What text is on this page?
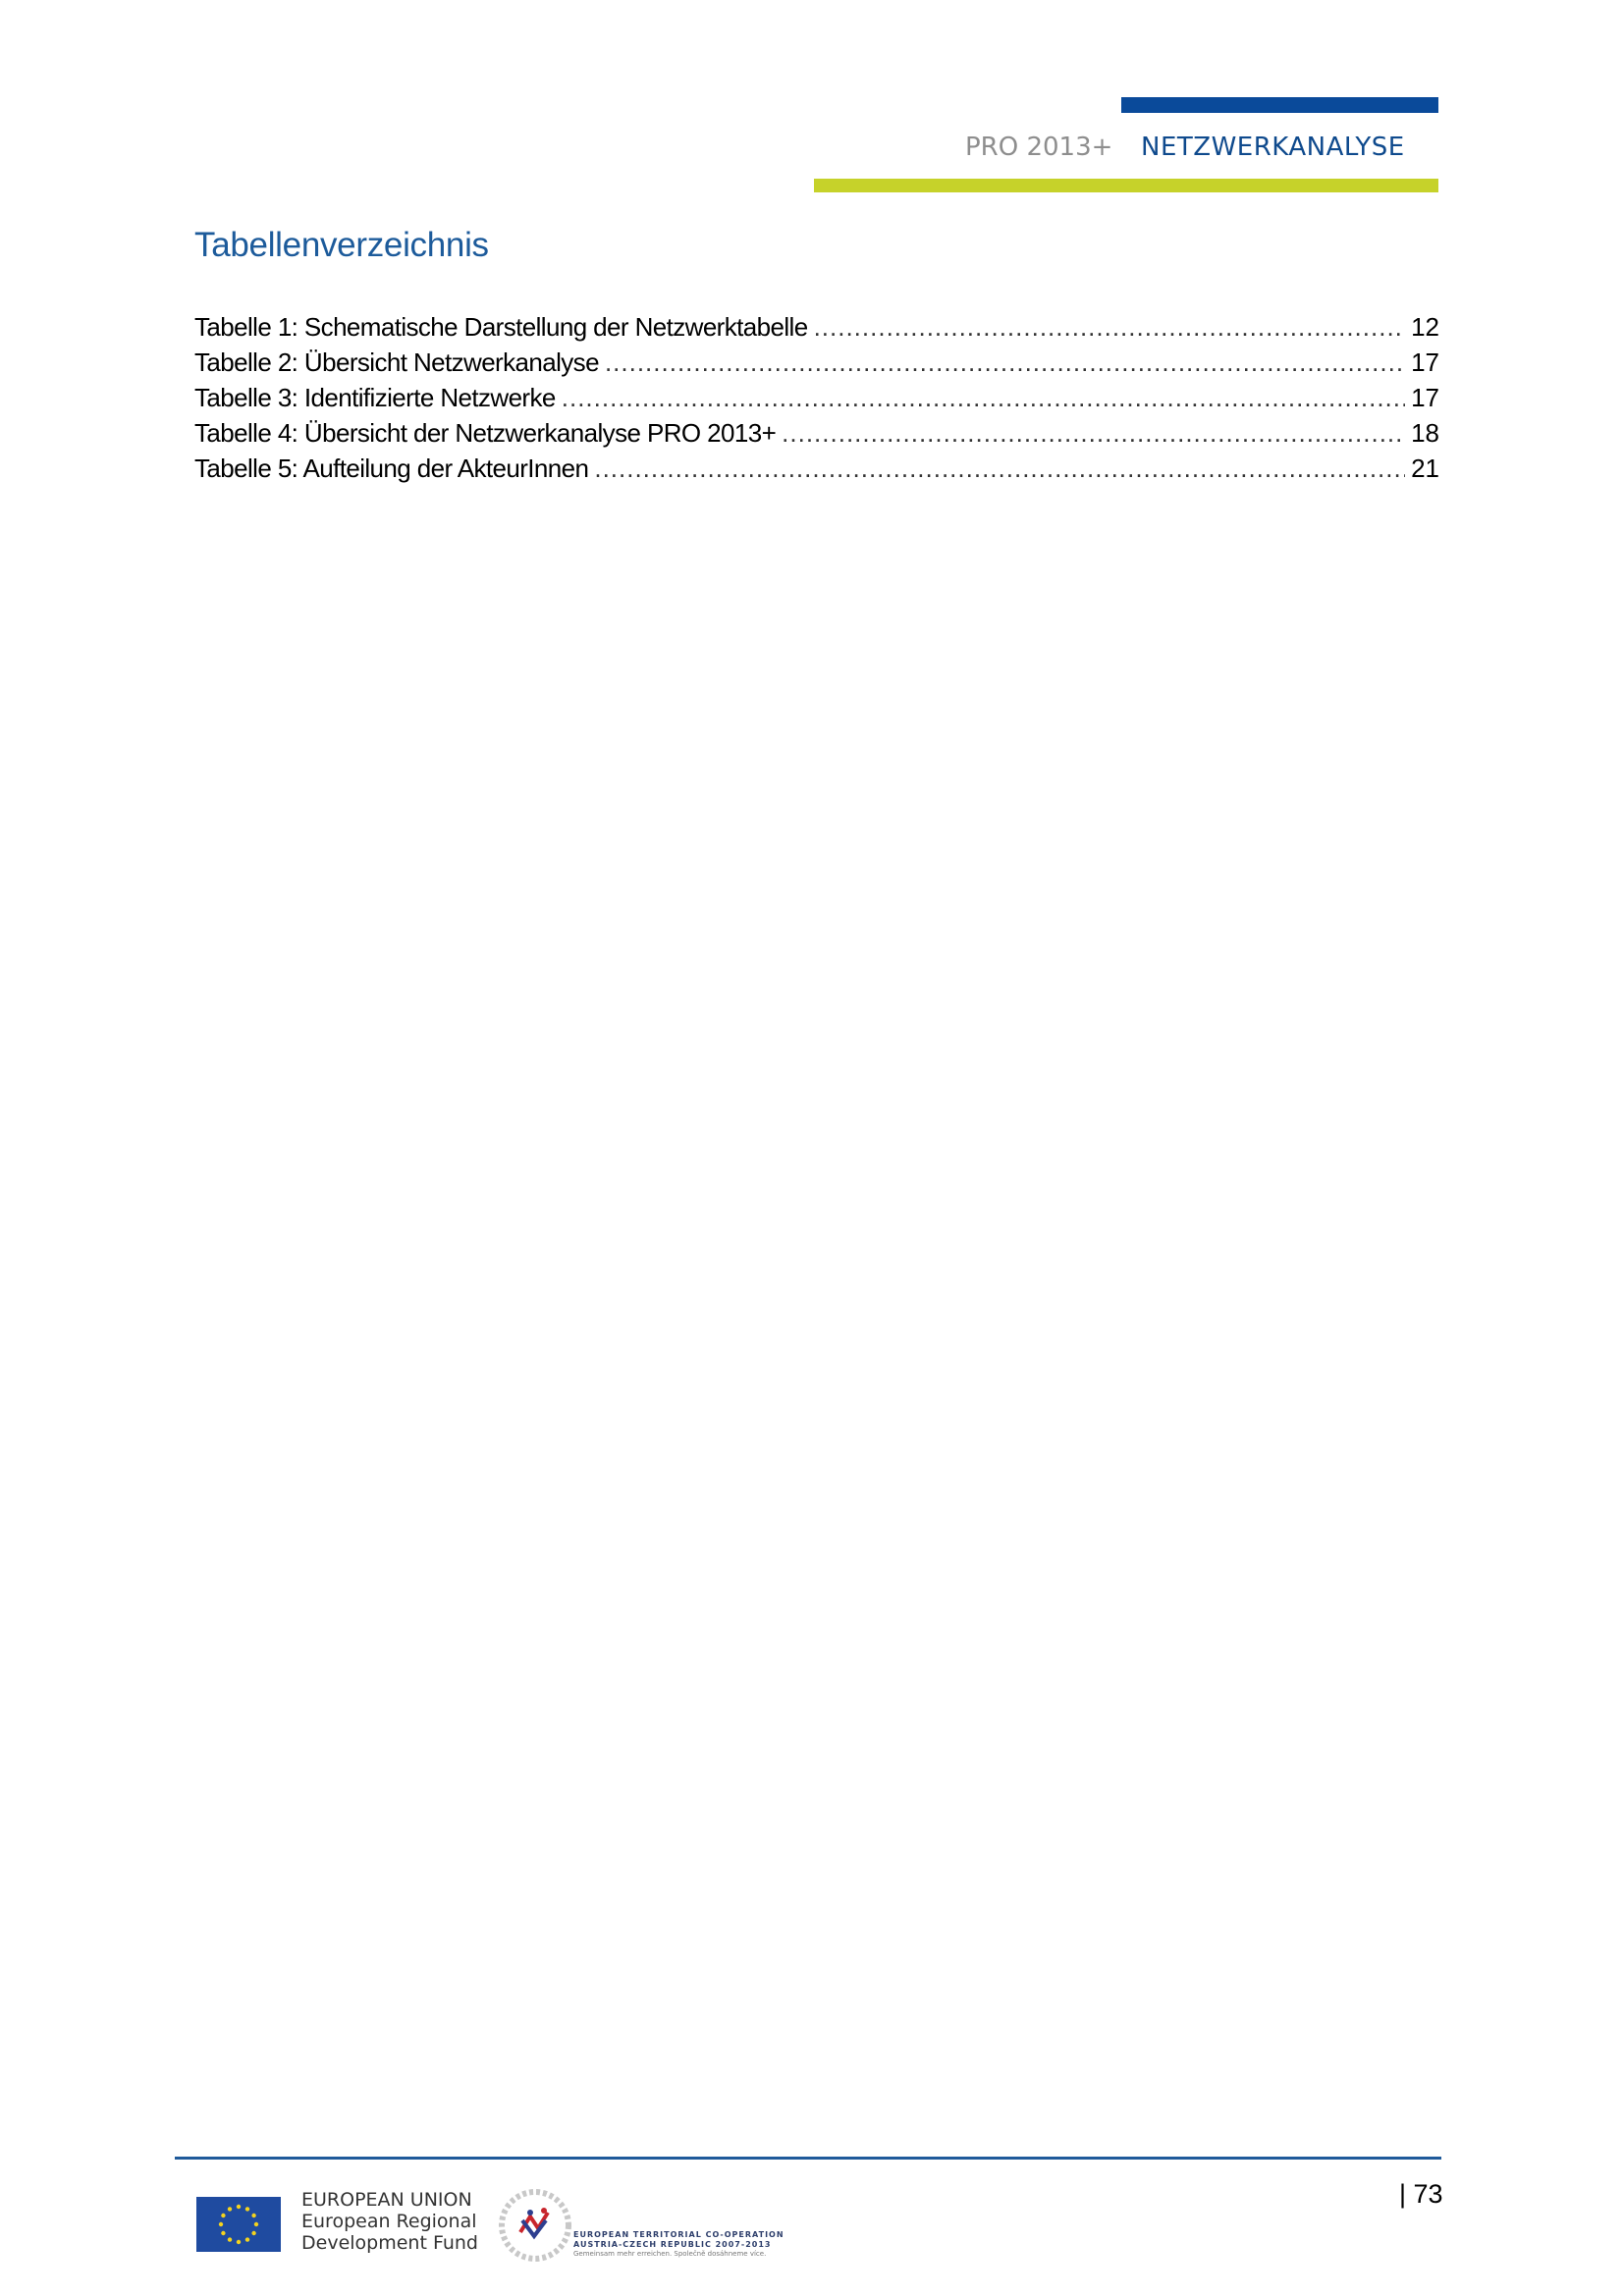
PRO 2013+ NETZWERKANALYSE
Tabellenverzeichnis
Tabelle 1: Schematische Darstellung der Netzwerktabelle .....	12
Tabelle 2: Übersicht Netzwerkanalyse .....	17
Tabelle 3: Identifizierte Netzwerke .....	17
Tabelle 4: Übersicht der Netzwerkanalyse PRO 2013+ .....	18
Tabelle 5: Aufteilung der AkteurInnen .....	21
| 73
EUROPEAN UNION
European Regional
Development Fund	EUROPEAN TERRITORIAL CO-OPERATION
AUSTRIA-CZECH REPUBLIC 2007-2013
Gemeinsam mehr erreichen. Společně dosáhneme více.
